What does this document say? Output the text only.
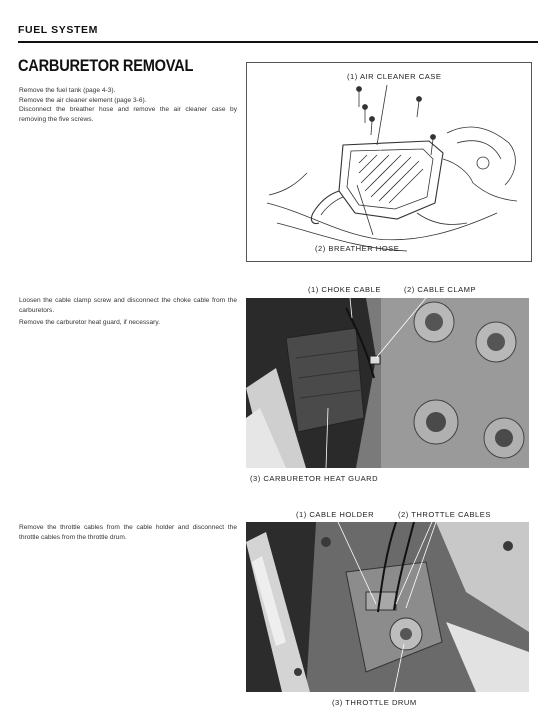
FUEL SYSTEM
CARBURETOR REMOVAL

Remove the fuel tank (page 4-3).

Remove the air cleaner element (page 3-6).

Disconnect the breather hose and remove the air cleaner case by removing the five screws.

(1) AIR CLEANER CASE
(2) BREATHER HOSE

Loosen the cable clamp screw and disconnect the choke cable from the carburetors.

Remove the carburetor heat guard, if necessary.

(1) CHOKE CABLE	(2) CABLE CLAMP
(3) CARBURETOR HEAT GUARD

Remove the throttle cables from the cable holder and disconnect the throttle cables from the throttle drum.

(1) CABLE HOLDER	(2) THROTTLE CABLES
(3) THROTTLE DRUM
